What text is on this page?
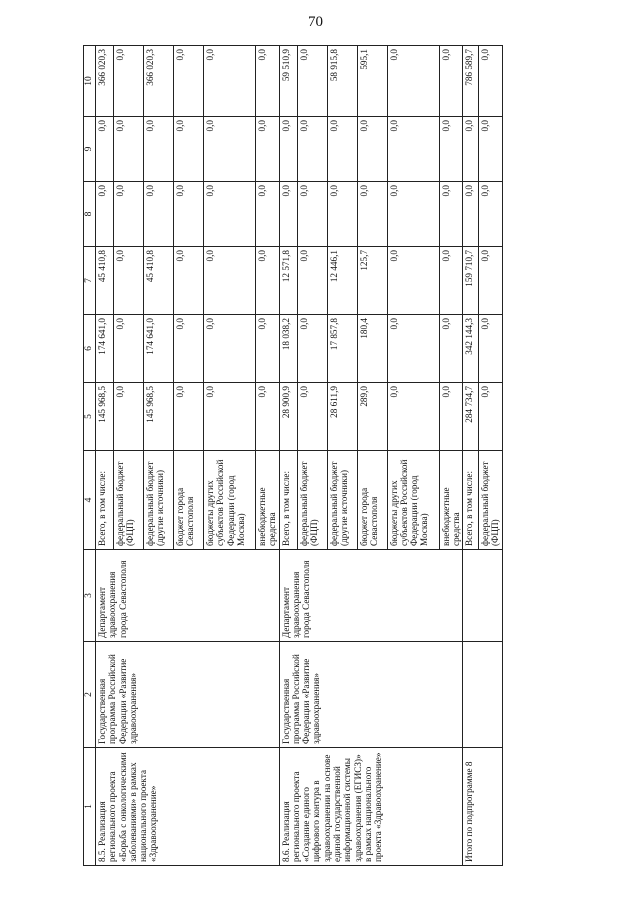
70
1	2	3	4	5	6	7	8	9	10
8.5. Реализация регионального проекта «Борьба с онкологическими заболеваниями» в рамках национального проекта «Здравоохранение»	Государственная программа Российской Федерации «Развитие здравоохранения»	Департамент здравоохранения города Севастополя	Всего, в том числе:	145 968,5	174 641,0	45 410,8	0,0	0,0	366 020,3
			федеральный бюджет (ФЦП)	0,0	0,0	0,0	0,0	0,0	0,0
			федеральный бюджет (другие источники)	145 968,5	174 641,0	45 410,8	0,0	0,0	366 020,3
			бюджет города Севастополя	0,0	0,0	0,0	0,0	0,0	0,0
			бюджеты других субъектов Российской Федерации (город Москва)	0,0	0,0	0,0	0,0	0,0	0,0
			внебюджетные средства	0,0	0,0	0,0	0,0	0,0	0,0
8.6. Реализация регионального проекта «Создание единого цифрового контура в здравоохранении на основе единой государственной информационной системы здравоохранения (ЕГИСЗ)» в рамках национального проекта «Здравоохранение»	Государственная программа Российской Федерации «Развитие здравоохранения»	Департамент здравоохранения города Севастополя	Всего, в том числе:	28 900,9	18 038,2	12 571,8	0,0	0,0	59 510,9
			федеральный бюджет (ФЦП)	0,0	0,0	0,0	0,0	0,0	0,0
			федеральный бюджет (другие источники)	28 611,9	17 857,8	12 446,1	0,0	0,0	58 915,8
			бюджет города Севастополя	289,0	180,4	125,7	0,0	0,0	595,1
			бюджеты других субъектов Российской Федерации (город Москва)	0,0	0,0	0,0	0,0	0,0	0,0
			внебюджетные средства	0,0	0,0	0,0	0,0	0,0	0,0
Итого по подпрограмме 8			Всего, в том числе:	284 734,7	342 144,3	159 710,7	0,0	0,0	786 589,7
			федеральный бюджет (ФЦП)	0,0	0,0	0,0	0,0	0,0	0,0
